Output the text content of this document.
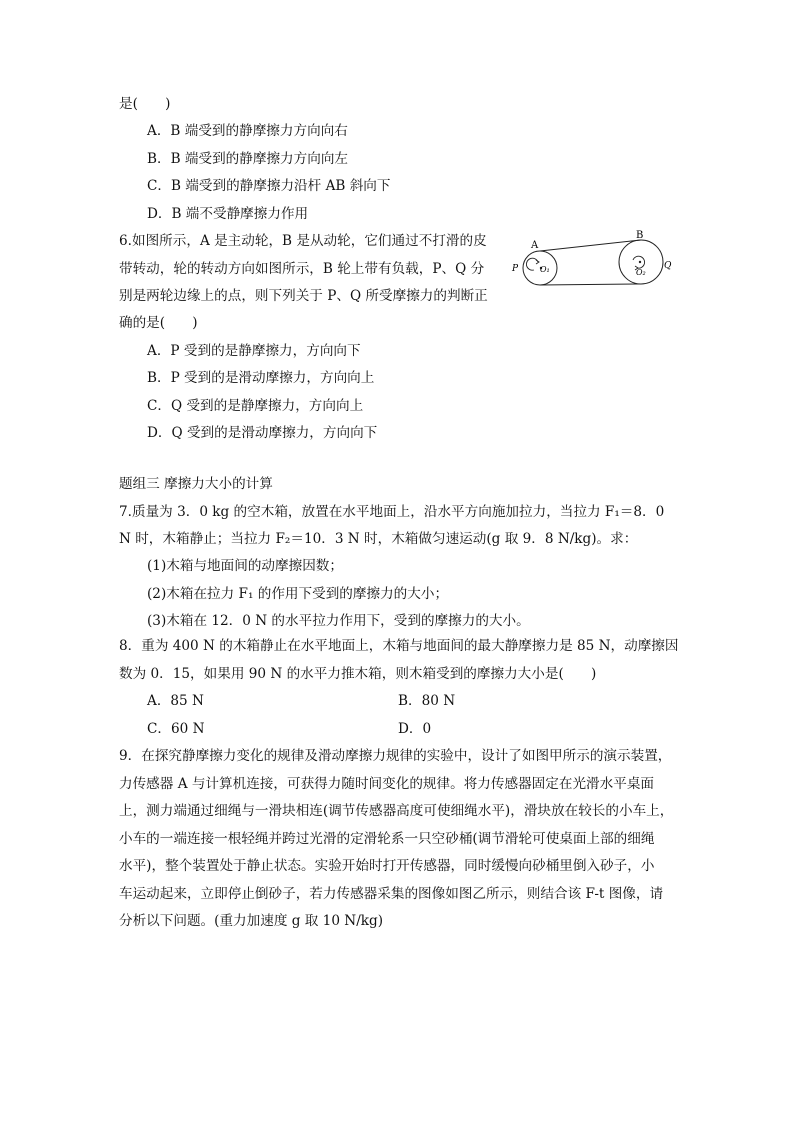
是(　　)
A．B 端受到的静摩擦力方向向右
B．B 端受到的静摩擦力方向向左
C．B 端受到的静摩擦力沿杆 AB 斜向下
D．B 端不受静摩擦力作用
6.如图所示，A 是主动轮，B 是从动轮，它们通过不打滑的皮
带转动，轮的转动方向如图所示，B 轮上带有负载，P、Q 分
别是两轮边缘上的点，则下列关于 P、Q 所受摩擦力的判断正
确的是(　　)
A．P 受到的是静摩擦力，方向向下
B．P 受到的是滑动摩擦力，方向向上
C．Q 受到的是静摩擦力，方向向上
D．Q 受到的是滑动摩擦力，方向向下
A
B
P	Q
O₁	O₂
题组三 摩擦力大小的计算
7.质量为 3．0 kg 的空木箱，放置在水平地面上，沿水平方向施加拉力，当拉力 F₁＝8．0
N 时，木箱静止；当拉力 F₂＝10．3 N 时，木箱做匀速运动(g 取 9．8 N/kg)。求：
(1)木箱与地面间的动摩擦因数；
(2)木箱在拉力 F₁ 的作用下受到的摩擦力的大小；
(3)木箱在 12．0 N 的水平拉力作用下，受到的摩擦力的大小。
8．重为 400 N 的木箱静止在水平地面上，木箱与地面间的最大静摩擦力是 85 N，动摩擦因
数为 0．15，如果用 90 N 的水平力推木箱，则木箱受到的摩擦力大小是(　　)
A．85 N	B．80 N
C．60 N	D．0
9．在探究静摩擦力变化的规律及滑动摩擦力规律的实验中，设计了如图甲所示的演示装置，
力传感器 A 与计算机连接，可获得力随时间变化的规律。将力传感器固定在光滑水平桌面
上，测力端通过细绳与一滑块相连(调节传感器高度可使细绳水平)，滑块放在较长的小车上，
小车的一端连接一根轻绳并跨过光滑的定滑轮系一只空砂桶(调节滑轮可使桌面上部的细绳
水平)，整个装置处于静止状态。实验开始时打开传感器，同时缓慢向砂桶里倒入砂子，小
车运动起来，立即停止倒砂子，若力传感器采集的图像如图乙所示，则结合该 F-t 图像，请
分析以下问题。(重力加速度 g 取 10 N/kg)
